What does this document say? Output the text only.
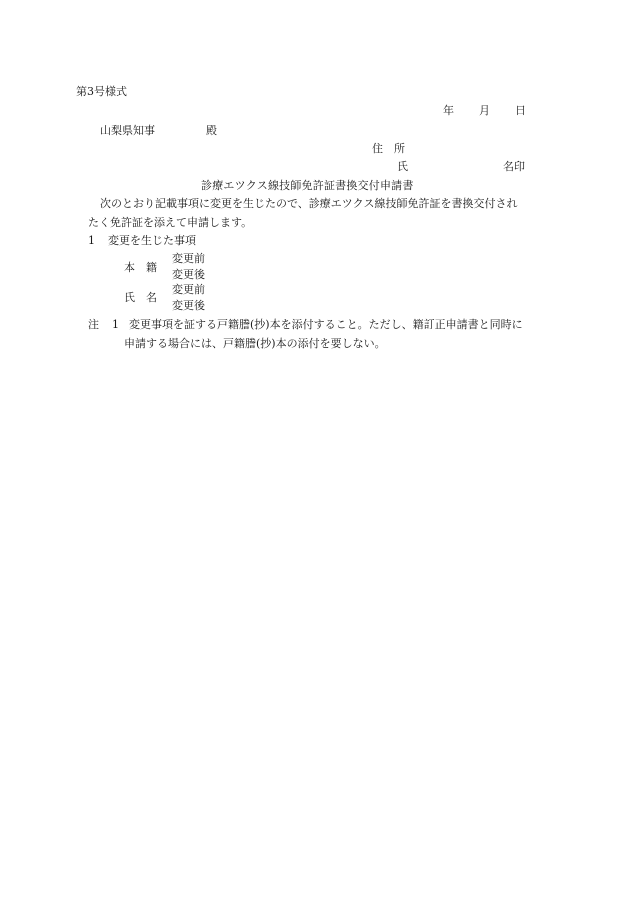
第3号様式
年 月 日
山梨県知事	殿
住　所
氏	名印
診療エツクス線技師免許証書換交付申請書
次のとおり記載事項に変更を生じたので、診療エツクス線技師免許証を書換交付され
たく免許証を添えて申請します。
1 変更を生じた事項
本　籍
変更前
変更後
氏　名
変更前
変更後
注 1 変更事項を証する戸籍謄(抄)本を添付すること。ただし、籍訂正申請書と同時に
申請する場合には、戸籍謄(抄)本の添付を要しない。
